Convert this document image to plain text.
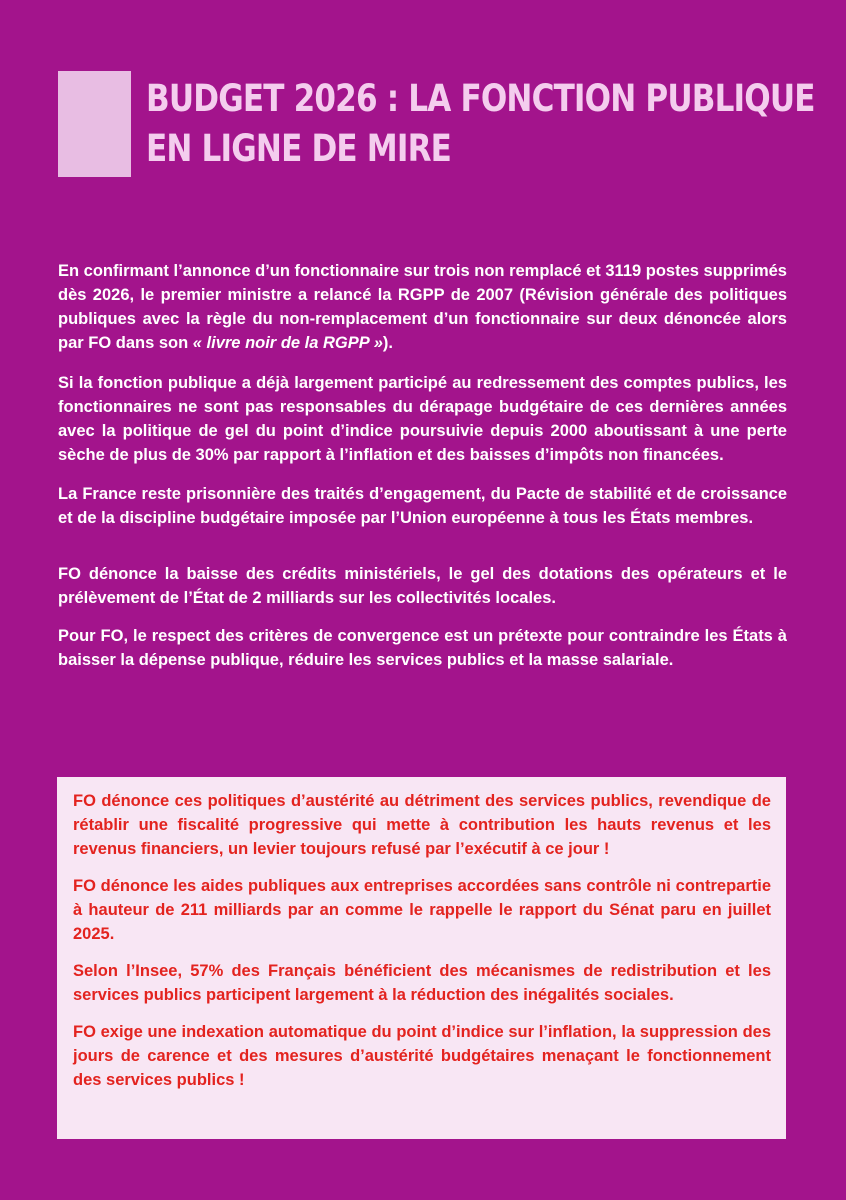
BUDGET 2026 : LA FONCTION PUBLIQUE
EN LIGNE DE MIRE

En confirmant l’annonce d’un fonctionnaire sur trois non remplacé et 3119 postes supprimés dès 2026, le premier ministre a relancé la RGPP de 2007 (Révision générale des politiques publiques avec la règle du non-remplacement d’un fonctionnaire sur deux dénoncée alors par FO dans son « livre noir de la RGPP »).

Si la fonction publique a déjà largement participé au redressement des comptes publics, les fonctionnaires ne sont pas responsables du dérapage budgétaire de ces dernières années avec la politique de gel du point d’indice poursuivie depuis 2000 aboutissant à une perte sèche de plus de 30% par rapport à l’inflation et des baisses d’impôts non financées.

La France reste prisonnière des traités d’engagement, du Pacte de stabilité et de croissance et de la discipline budgétaire imposée par l’Union européenne à tous les États membres.

FO dénonce la baisse des crédits ministériels, le gel des dotations des opérateurs et le prélèvement de l’État de 2 milliards sur les collectivités locales.

Pour FO, le respect des critères de convergence est un prétexte pour contraindre les États à baisser la dépense publique, réduire les services publics et la masse salariale.

FO dénonce ces politiques d’austérité au détriment des services publics, revendique de rétablir une fiscalité progressive qui mette à contribution les hauts revenus et les revenus financiers, un levier toujours refusé par l’exécutif à ce jour !

FO dénonce les aides publiques aux entreprises accordées sans contrôle ni contrepartie à hauteur de 211 milliards par an comme le rappelle le rapport du Sénat paru en juillet 2025.

Selon l’Insee, 57% des Français bénéficient des mécanismes de redistribution et les services publics participent largement à la réduction des inégalités sociales.

FO exige une indexation automatique du point d’indice sur l’inflation, la suppression des jours de carence et des mesures d’austérité budgétaires menaçant le fonctionnement des services publics !
